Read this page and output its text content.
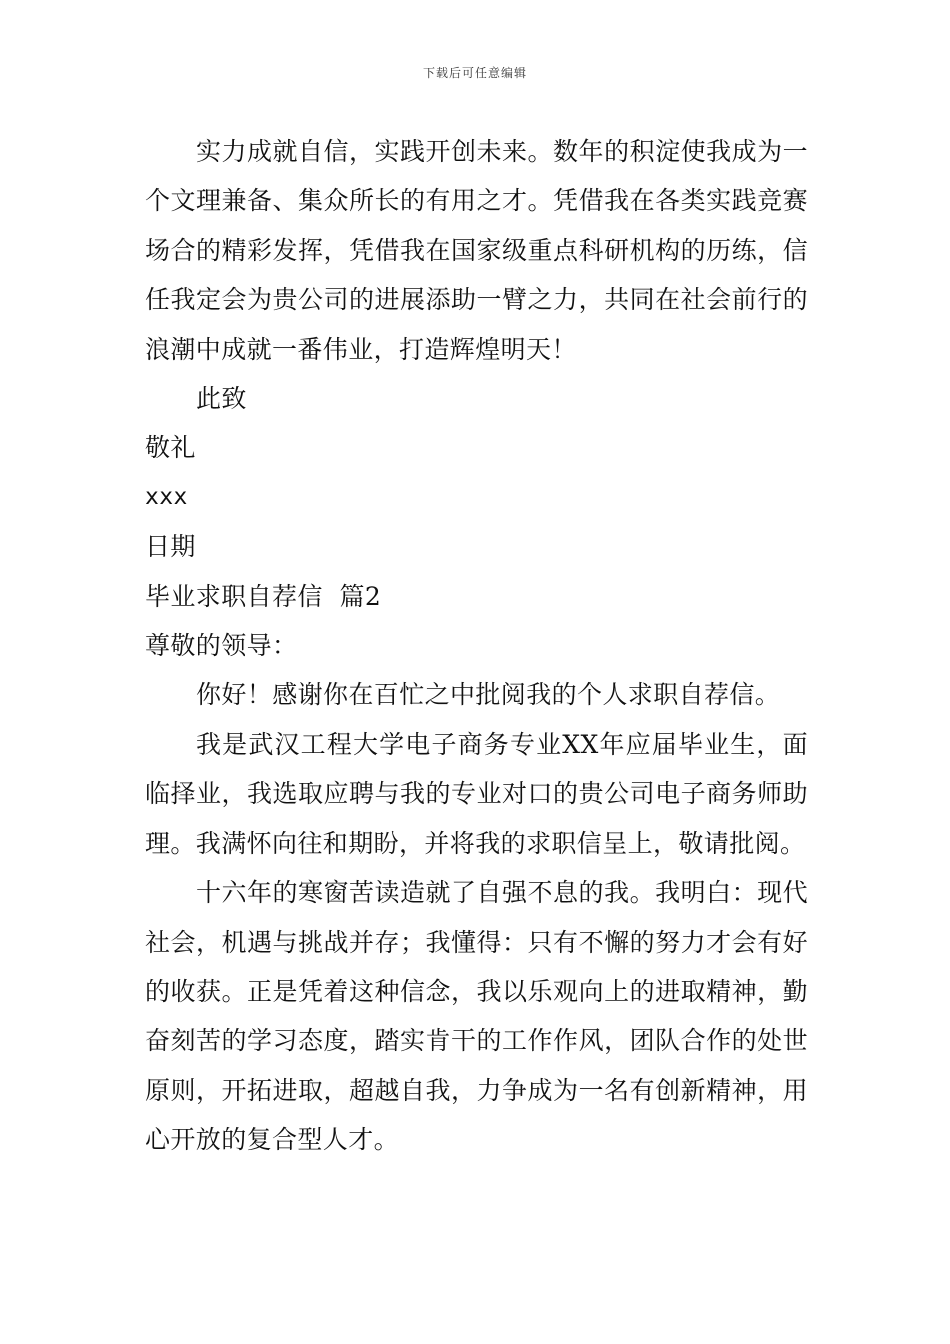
下载后可任意编辑

实力成就自信，实践开创未来。数年的积淀使我成为一个文理兼备、集众所长的有用之才。凭借我在各类实践竞赛场合的精彩发挥，凭借我在国家级重点科研机构的历练，信任我定会为贵公司的进展添助一臂之力，共同在社会前行的浪潮中成就一番伟业，打造辉煌明天！

此致

敬礼

xxx

日期

毕业求职自荐信  篇2

尊敬的领导：

你好！感谢你在百忙之中批阅我的个人求职自荐信。

我是武汉工程大学电子商务专业XX年应届毕业生，面临择业，我选取应聘与我的专业对口的贵公司电子商务师助理。我满怀向往和期盼，并将我的求职信呈上，敬请批阅。

十六年的寒窗苦读造就了自强不息的我。我明白：现代社会，机遇与挑战并存；我懂得：只有不懈的努力才会有好的收获。正是凭着这种信念，我以乐观向上的进取精神，勤奋刻苦的学习态度，踏实肯干的工作作风，团队合作的处世原则，开拓进取，超越自我，力争成为一名有创新精神，用心开放的复合型人才。
